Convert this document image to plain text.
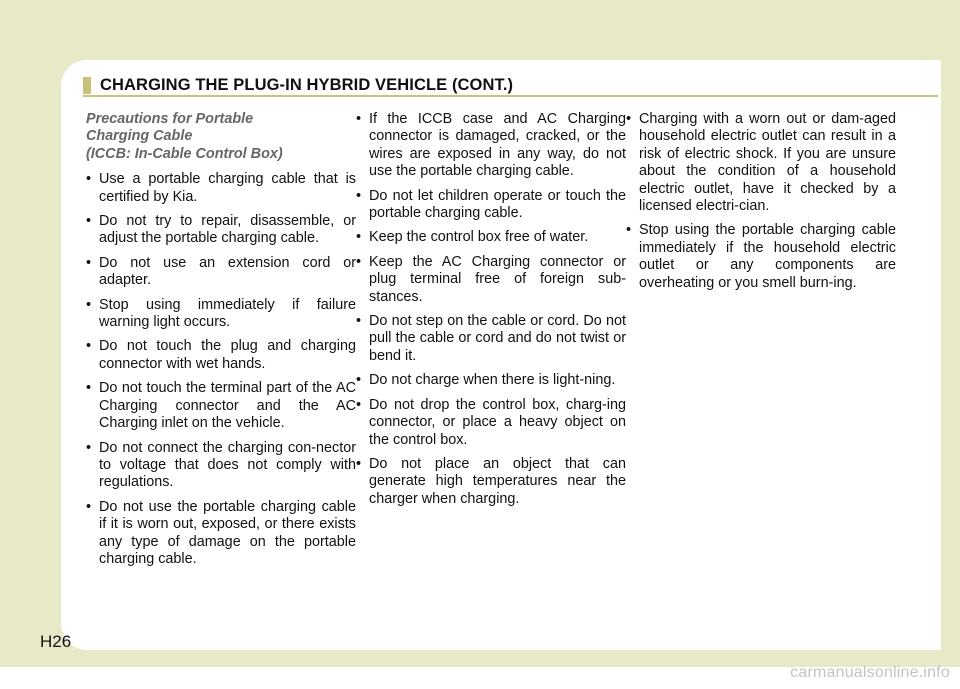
CHARGING THE PLUG-IN HYBRID VEHICLE (CONT.)
Precautions for Portable
Charging Cable
(ICCB: In-Cable Control Box)
• Use a portable charging cable that is certified by Kia.
• Do not try to repair, disassemble, or adjust the portable charging cable.
• Do not use an extension cord or adapter.
• Stop using immediately if failure warning light occurs.
• Do not touch the plug and charging connector with wet hands.
• Do not touch the terminal part of the AC Charging connector and the AC Charging inlet on the vehicle.
• Do not connect the charging con-nector to voltage that does not comply with regulations.
• Do not use the portable charging cable if it is worn out, exposed, or there exists any type of damage on the portable charging cable.
• If the ICCB case and AC Charging connector is damaged, cracked, or the wires are exposed in any way, do not use the portable charging cable.
• Do not let children operate or touch the portable charging cable.
• Keep the control box free of water.
• Keep the AC Charging connector or plug terminal free of foreign sub-stances.
• Do not step on the cable or cord. Do not pull the cable or cord and do not twist or bend it.
• Do not charge when there is light-ning.
• Do not drop the control box, charg-ing connector, or place a heavy object on the control box.
• Do not place an object that can generate high temperatures near the charger when charging.
• Charging with a worn out or dam-aged household electric outlet can result in a risk of electric shock. If you are unsure about the condition of a household electric outlet, have it checked by a licensed electri-cian.
• Stop using the portable charging cable immediately if the household electric outlet or any components are overheating or you smell burn-ing.
H26
carmanualsonline.info
